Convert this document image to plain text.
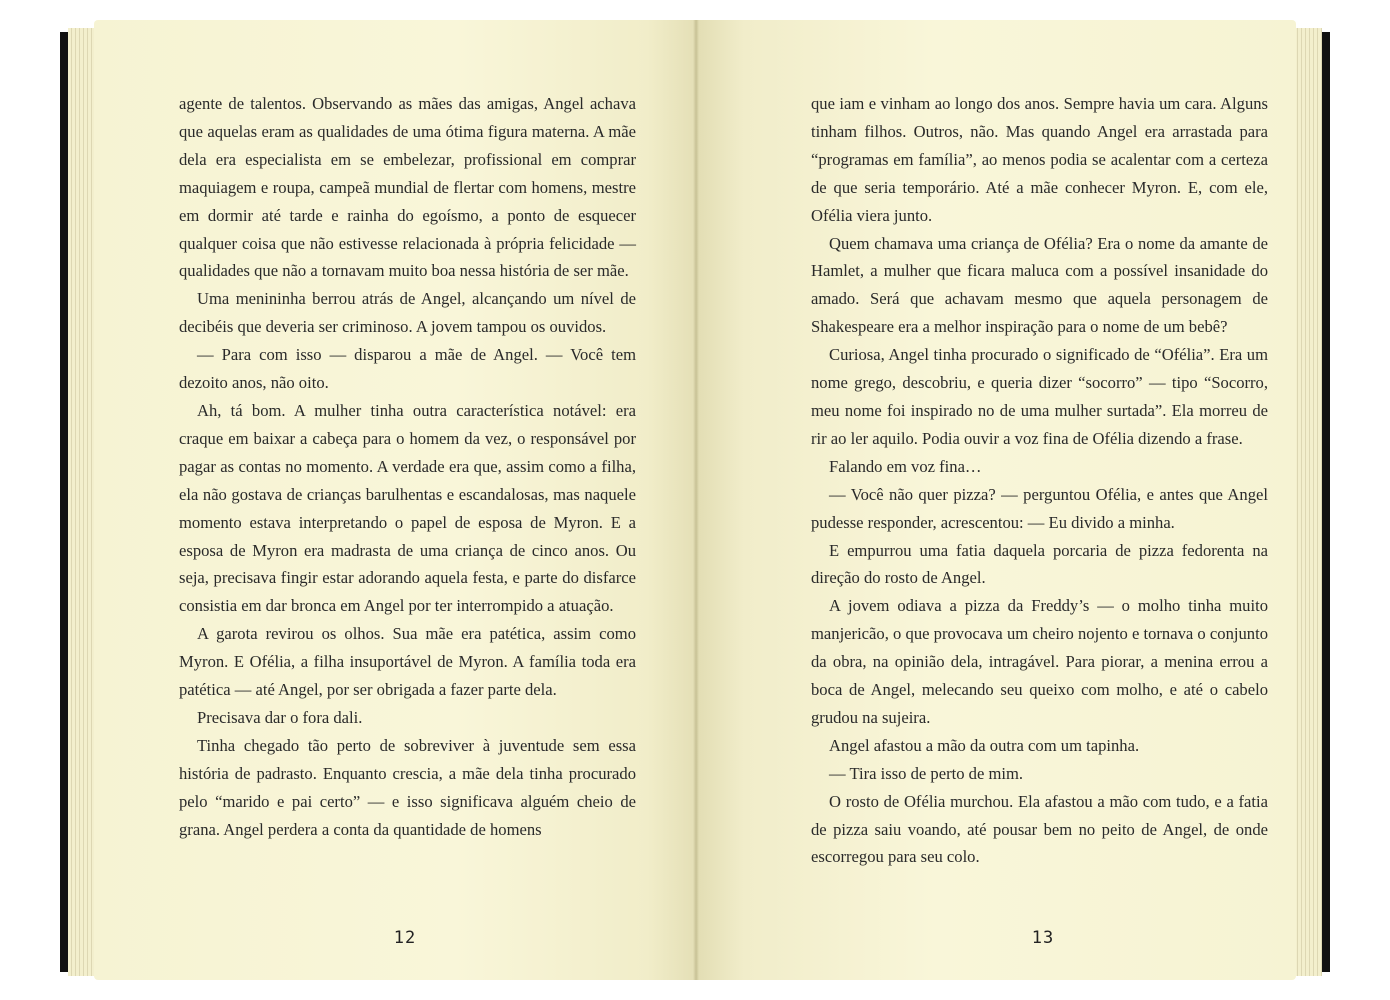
agente de talentos. Observando as mães das amigas, Angel achava que aquelas eram as qualidades de uma ótima figura materna. A mãe dela era especialista em se embelezar, profissional em comprar maquiagem e roupa, campeã mundial de flertar com homens, mestre em dormir até tarde e rainha do egoísmo, a ponto de esquecer qualquer coisa que não estivesse relacionada à própria felicidade — qualidades que não a tornavam muito boa nessa história de ser mãe.

Uma menininha berrou atrás de Angel, alcançando um nível de decibéis que deveria ser criminoso. A jovem tampou os ouvidos.

— Para com isso — disparou a mãe de Angel. — Você tem dezoito anos, não oito.

Ah, tá bom. A mulher tinha outra característica notável: era craque em baixar a cabeça para o homem da vez, o responsável por pagar as contas no momento. A verdade era que, assim como a filha, ela não gostava de crianças barulhentas e escandalosas, mas naquele momento estava interpretando o papel de esposa de Myron. E a esposa de Myron era madrasta de uma criança de cinco anos. Ou seja, precisava fingir estar adorando aquela festa, e parte do disfarce consistia em dar bronca em Angel por ter interrompido a atuação.

A garota revirou os olhos. Sua mãe era patética, assim como Myron. E Ofélia, a filha insuportável de Myron. A família toda era patética — até Angel, por ser obrigada a fazer parte dela.

Precisava dar o fora dali.

Tinha chegado tão perto de sobreviver à juventude sem essa história de padrasto. Enquanto crescia, a mãe dela tinha procurado pelo “marido e pai certo” — e isso significava alguém cheio de grana. Angel perdera a conta da quantidade de homens

12

que iam e vinham ao longo dos anos. Sempre havia um cara. Alguns tinham filhos. Outros, não. Mas quando Angel era arrastada para “programas em família”, ao menos podia se acalentar com a certeza de que seria temporário. Até a mãe conhecer Myron. E, com ele, Ofélia viera junto.

Quem chamava uma criança de Ofélia? Era o nome da amante de Hamlet, a mulher que ficara maluca com a possível insanidade do amado. Será que achavam mesmo que aquela personagem de Shakespeare era a melhor inspiração para o nome de um bebê?

Curiosa, Angel tinha procurado o significado de “Ofélia”. Era um nome grego, descobriu, e queria dizer “socorro” — tipo “Socorro, meu nome foi inspirado no de uma mulher surtada”. Ela morreu de rir ao ler aquilo. Podia ouvir a voz fina de Ofélia dizendo a frase.

Falando em voz fina…

— Você não quer pizza? — perguntou Ofélia, e antes que Angel pudesse responder, acrescentou: — Eu divido a minha.

E empurrou uma fatia daquela porcaria de pizza fedorenta na direção do rosto de Angel.

A jovem odiava a pizza da Freddy’s — o molho tinha muito manjericão, o que provocava um cheiro nojento e tornava o conjunto da obra, na opinião dela, intragável. Para piorar, a menina errou a boca de Angel, melecando seu queixo com molho, e até o cabelo grudou na sujeira.

Angel afastou a mão da outra com um tapinha.

— Tira isso de perto de mim.

O rosto de Ofélia murchou. Ela afastou a mão com tudo, e a fatia de pizza saiu voando, até pousar bem no peito de Angel, de onde escorregou para seu colo.

13
